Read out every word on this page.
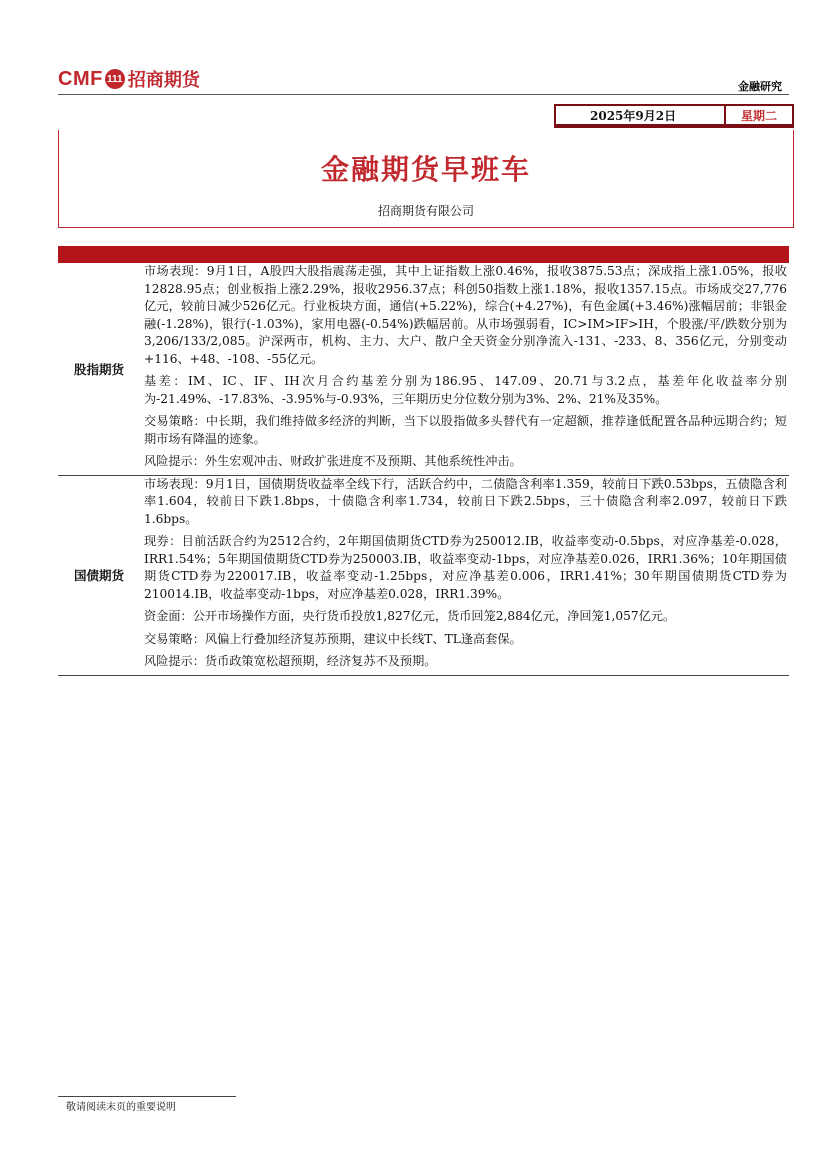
CMF 111 招商期货	金融研究
2025年9月2日	星期二
金融期货早班车
招商期货有限公司
股指期货	市场表现：9月1日，A股四大股指震荡走强，其中上证指数上涨0.46%，报收3875.53点；深成指上涨1.05%，报收12828.95点；创业板指上涨2.29%，报收2956.37点；科创50指数上涨1.18%，报收1357.15点。市场成交27,776亿元，较前日减少526亿元。行业板块方面，通信(+5.22%)，综合(+4.27%)，有色金属(+3.46%)涨幅居前；非银金融(-1.28%)，银行(-1.03%)，家用电器(-0.54%)跌幅居前。从市场强弱看，IC>IM>IF>IH，个股涨/平/跌数分别为3,206/133/2,085。沪深两市，机构、主力、大户、散户全天资金分别净流入-131、-233、8、356亿元，分别变动+116、+48、-108、-55亿元。

基差：IM、IC、IF、IH次月合约基差分别为186.95、147.09、20.71与3.2点，基差年化收益率分别为-21.49%、-17.83%、-3.95%与-0.93%，三年期历史分位数分别为3%、2%、21%及35%。

交易策略：中长期，我们维持做多经济的判断，当下以股指做多头替代有一定超额，推荐逢低配置各品种远期合约；短期市场有降温的迹象。

风险提示：外生宏观冲击、财政扩张进度不及预期、其他系统性冲击。

国债期货	市场表现：9月1日，国债期货收益率全线下行，活跃合约中，二债隐含利率1.359，较前日下跌0.53bps，五债隐含利率1.604，较前日下跌1.8bps，十债隐含利率1.734，较前日下跌2.5bps，三十债隐含利率2.097，较前日下跌1.6bps。

现券：目前活跃合约为2512合约，2年期国债期货CTD券为250012.IB，收益率变动-0.5bps，对应净基差-0.028，IRR1.54%；5年期国债期货CTD券为250003.IB，收益率变动-1bps，对应净基差0.026，IRR1.36%；10年期国债期货CTD券为220017.IB，收益率变动-1.25bps，对应净基差0.006，IRR1.41%；30年期国债期货CTD券为210014.IB，收益率变动-1bps，对应净基差0.028，IRR1.39%。

资金面：公开市场操作方面，央行货币投放1,827亿元，货币回笼2,884亿元，净回笼1,057亿元。

交易策略：风偏上行叠加经济复苏预期，建议中长线T、TL逢高套保。

风险提示：货币政策宽松超预期，经济复苏不及预期。

敬请阅读末页的重要说明
